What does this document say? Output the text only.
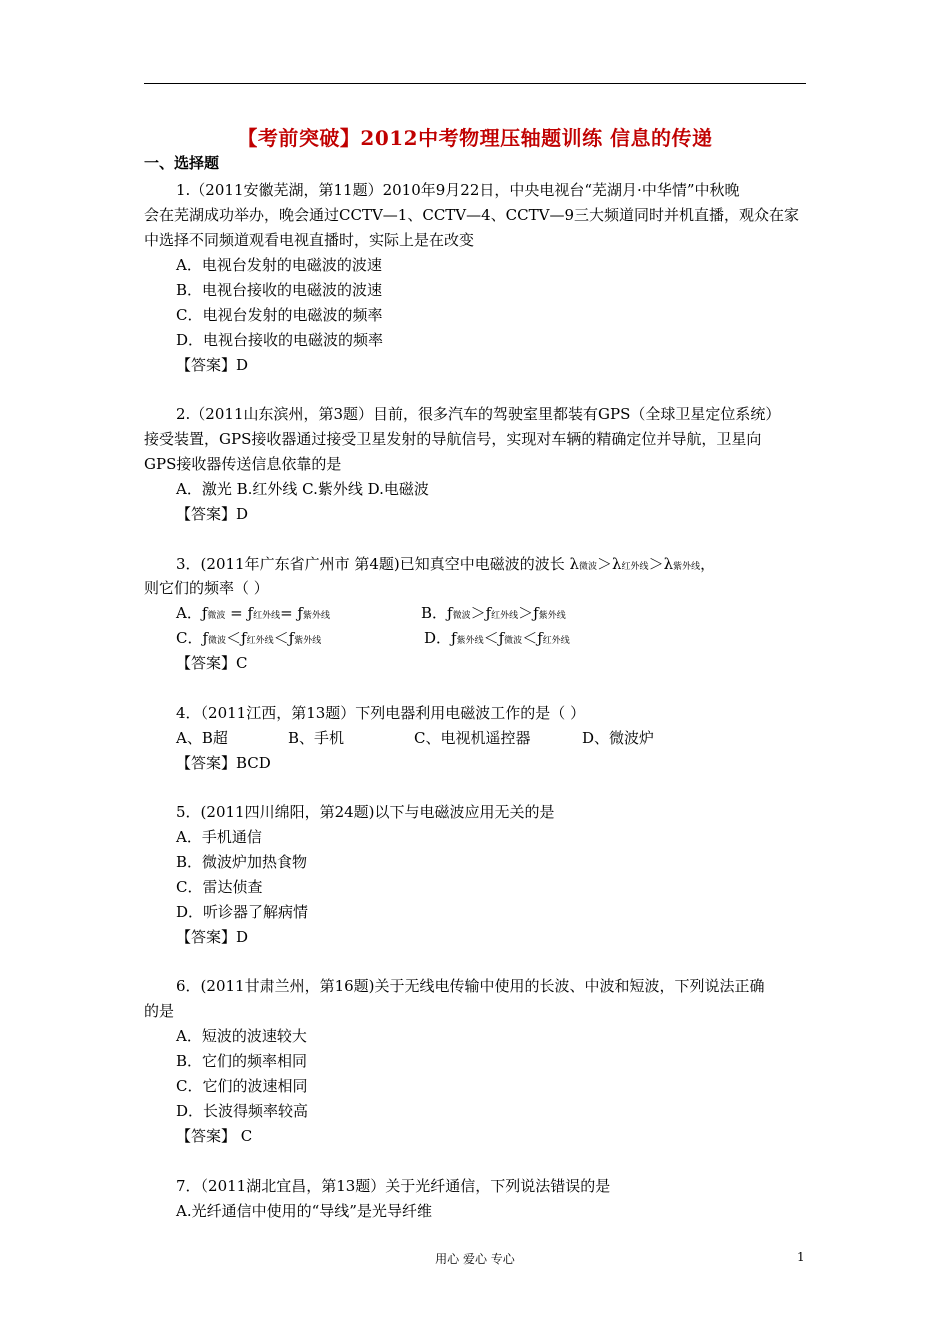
【考前突破】2012中考物理压轴题训练 信息的传递
一、选择题
1.（2011安徽芜湖，第11题）2010年9月22日，中央电视台“芜湖月·中华情”中秋晚
会在芜湖成功举办，晚会通过CCTV—1、CCTV—4、CCTV—9三大频道同时并机直播，观众在家
中选择不同频道观看电视直播时，实际上是在改变
A．电视台发射的电磁波的波速
B．电视台接收的电磁波的波速
C．电视台发射的电磁波的频率
D．电视台接收的电磁波的频率
【答案】D
2.（2011山东滨州，第3题）目前，很多汽车的驾驶室里都装有GPS（全球卫星定位系统）
接受装置，GPS接收器通过接受卫星发射的导航信号，实现对车辆的精确定位并导航，卫星向
GPS接收器传送信息依靠的是
A．激光 B.红外线 C.紫外线 D.电磁波
【答案】D
3．(2011年广东省广州市 第4题)已知真空中电磁波的波长 λ微波＞λ红外线＞λ紫外线，
则它们的频率（ ）
A．ƒ微波 = ƒ红外线= ƒ紫外线	B．ƒ微波＞ƒ红外线＞ƒ紫外线
C．ƒ微波＜ƒ红外线＜ƒ紫外线	D．ƒ紫外线＜ƒ微波＜ƒ红外线
【答案】C
4．（2011江西，第13题）下列电器利用电磁波工作的是（ ）
A、B超	B、手机	C、电视机遥控器	D、微波炉
【答案】BCD
5．(2011四川绵阳，第24题)以下与电磁波应用无关的是
A．手机通信
B．微波炉加热食物
C．雷达侦查
D．听诊器了解病情
【答案】D
6．(2011甘肃兰州，第16题)关于无线电传输中使用的长波、中波和短波，下列说法正确
的是
A．短波的波速较大
B．它们的频率相同
C．它们的波速相同
D．长波得频率较高
【答案】 C
7．（2011湖北宜昌，第13题）关于光纤通信，下列说法错误的是
A.光纤通信中使用的“导线”是光导纤维
用心 爱心 专心	1
